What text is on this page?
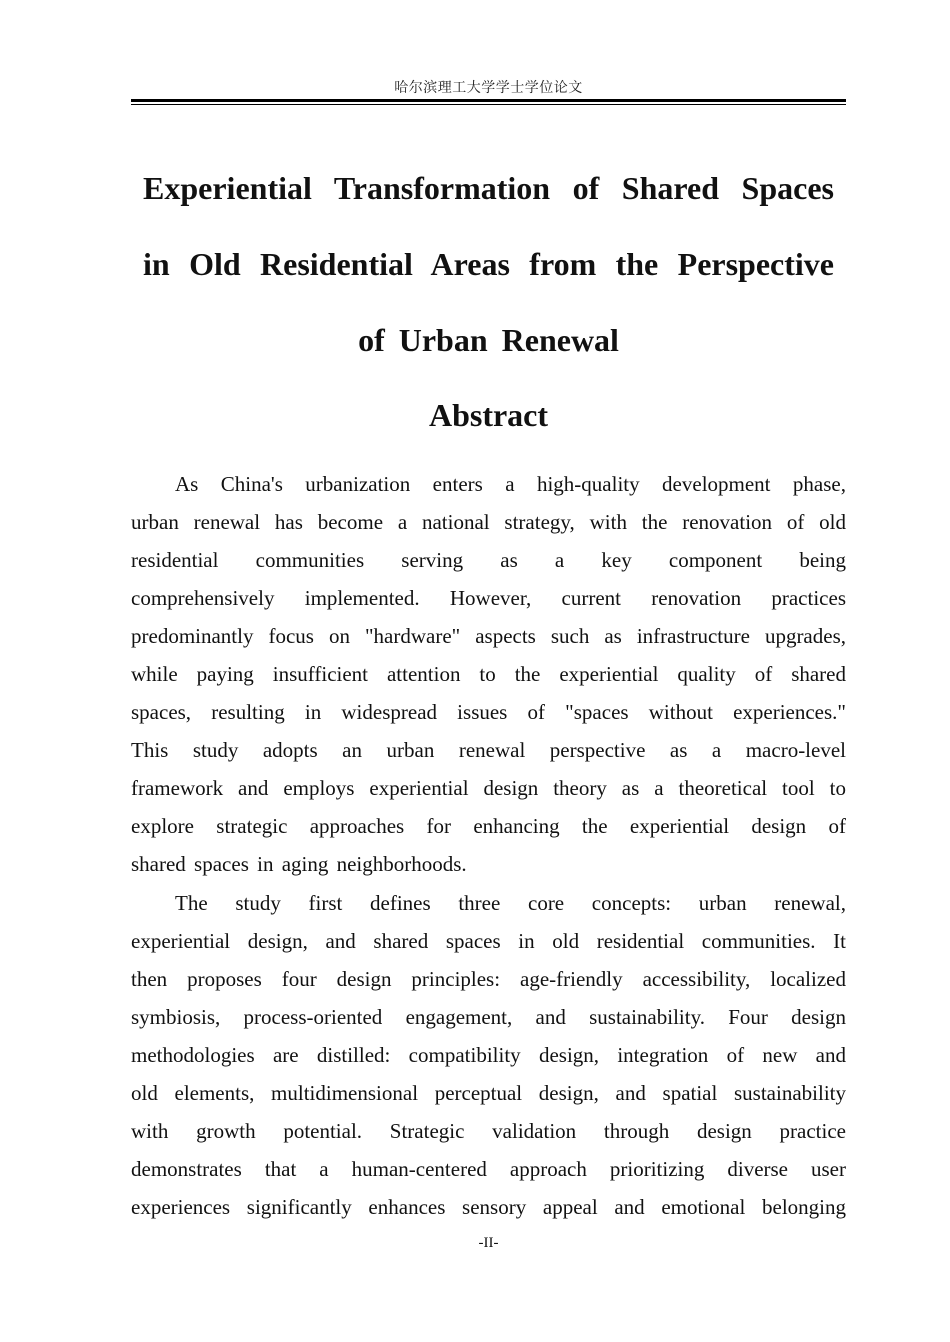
哈尔滨理工大学学士学位论文
Experiential Transformation of Shared Spaces
in Old Residential Areas from the Perspective
of Urban Renewal
Abstract
As China's urbanization enters a high-quality development phase,
urban renewal has become a national strategy, with the renovation of old
residential communities serving as a key component being
comprehensively implemented. However, current renovation practices
predominantly focus on "hardware" aspects such as infrastructure upgrades,
while paying insufficient attention to the experiential quality of shared
spaces, resulting in widespread issues of "spaces without experiences."
This study adopts an urban renewal perspective as a macro-level
framework and employs experiential design theory as a theoretical tool to
explore strategic approaches for enhancing the experiential design of
shared spaces in aging neighborhoods.
The study first defines three core concepts: urban renewal,
experiential design, and shared spaces in old residential communities. It
then proposes four design principles: age-friendly accessibility, localized
symbiosis, process-oriented engagement, and sustainability. Four design
methodologies are distilled: compatibility design, integration of new and
old elements, multidimensional perceptual design, and spatial sustainability
with growth potential. Strategic validation through design practice
demonstrates that a human-centered approach prioritizing diverse user
experiences significantly enhances sensory appeal and emotional belonging
-II-
